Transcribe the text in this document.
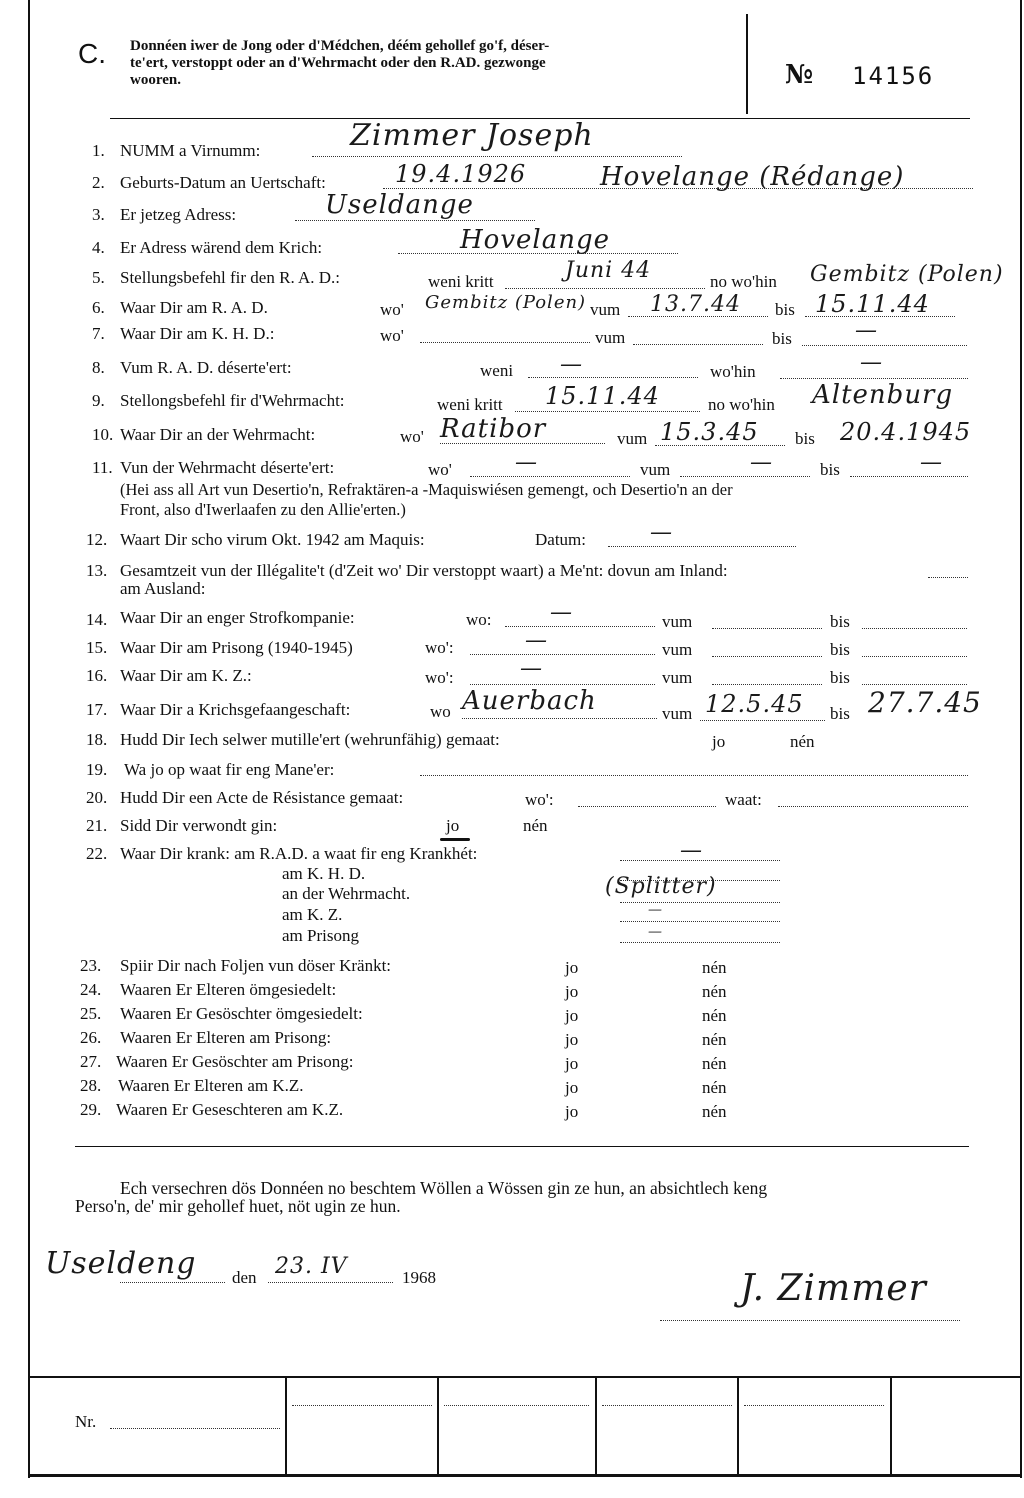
C. Donnéen iwer de Jong oder d'Médchen, déém gehollef go'f, déser-
te'ert, verstoppt oder an d'Wehrmacht oder den R.AD. gezwonge
wooren.	№ 14156
1. NUMM a Virnumm:	Zimmer Joseph
2. Geburts-Datum an Uertschaft:	19.4.1926	Hovelange (Rédange)
3. Er jetzeg Adress:	Useldange
4. Er Adress wärend dem Krich:	Hovelange
5. Stellungsbefehl fir den R. A. D.:	weni kritt	Juni 44	no wo'hin Gembitz (Polen)
6. Waar Dir am R. A. D.	wo' Gembitz (Polen) vum 13.7.44 bis 15.11.44
7. Waar Dir am K. H. D.:	wo'	vum	bis	—
8. Vum R. A. D. déserte'ert:	weni —	wo'hin	—
9. Stellongsbefehl fir d'Wehrmacht:	weni kritt 15.11.44	no wo'hin Altenburg
10. Waar Dir an der Wehrmacht:	wo' Ratibor	vum 15.3.45 bis 20.4.1945
11. Vun der Wehrmacht déserte'ert:	wo'	—	vum	—	bis	—
(Hei ass all Art vun Desertio'n, Refraktären-a -Maquiswiésen gemengt, och Desertio'n an der
Front, also d'Iwerlaafen zu den Allie'erten.)
12. Waart Dir scho virum Okt. 1942 am Maquis:	Datum:	—
13. Gesamtzeit vun der Illégalite't (d'Zeit wo' Dir verstoppt waart) a Me'nt: dovun am Inland:
am Ausland:
14. Waar Dir an enger Strofkompanie:	wo:	—	vum	bis
15. Waar Dir am Prisong (1940-1945)	wo':	—	vum	bis
16. Waar Dir am K. Z.:	wo':	—	vum	bis
17. Waar Dir a Krichsgefaangeschaft:	wo Auerbach	vum 12.5.45 bis 27.7.45
18. Hudd Dir Iech selwer mutille'ert (wehrunfähig) gemaat:	jo	nén
19. Wa jo op waat fir eng Mane'er:
20. Hudd Dir een Acte de Résistance gemaat:	wo':	waat:
21. Sidd Dir verwondt gin:	jo	nén
22. Waar Dir krank: am R.A.D. a waat fir eng Krankhét:	—
am K. H. D.
an der Wehrmacht.	(Splitter)
am K. Z.	—
am Prisong	—
23. Spiir Dir nach Foljen vun döser Kränkt:	jo	nén
24. Waaren Er Elteren ömgesiedelt:	jo	nén
25. Waaren Er Gesöschter ömgesiedelt:	jo	nén
26. Waaren Er Elteren am Prisong:	jo	nén
27. Waaren Er Gesöschter am Prisong:	jo	nén
28. Waaren Er Elteren am K.Z.	jo	nén
29. Waaren Er Geseschteren am K.Z.	jo	nén
Ech versechren dös Donnéen no beschtem Wöllen a Wössen gin ze hun, an absichtlech keng
Perso'n, de' mir gehollef huet, nöt ugin ze hun.
Useldeng den 23. IV	1968	J. Zimmer
Nr.
